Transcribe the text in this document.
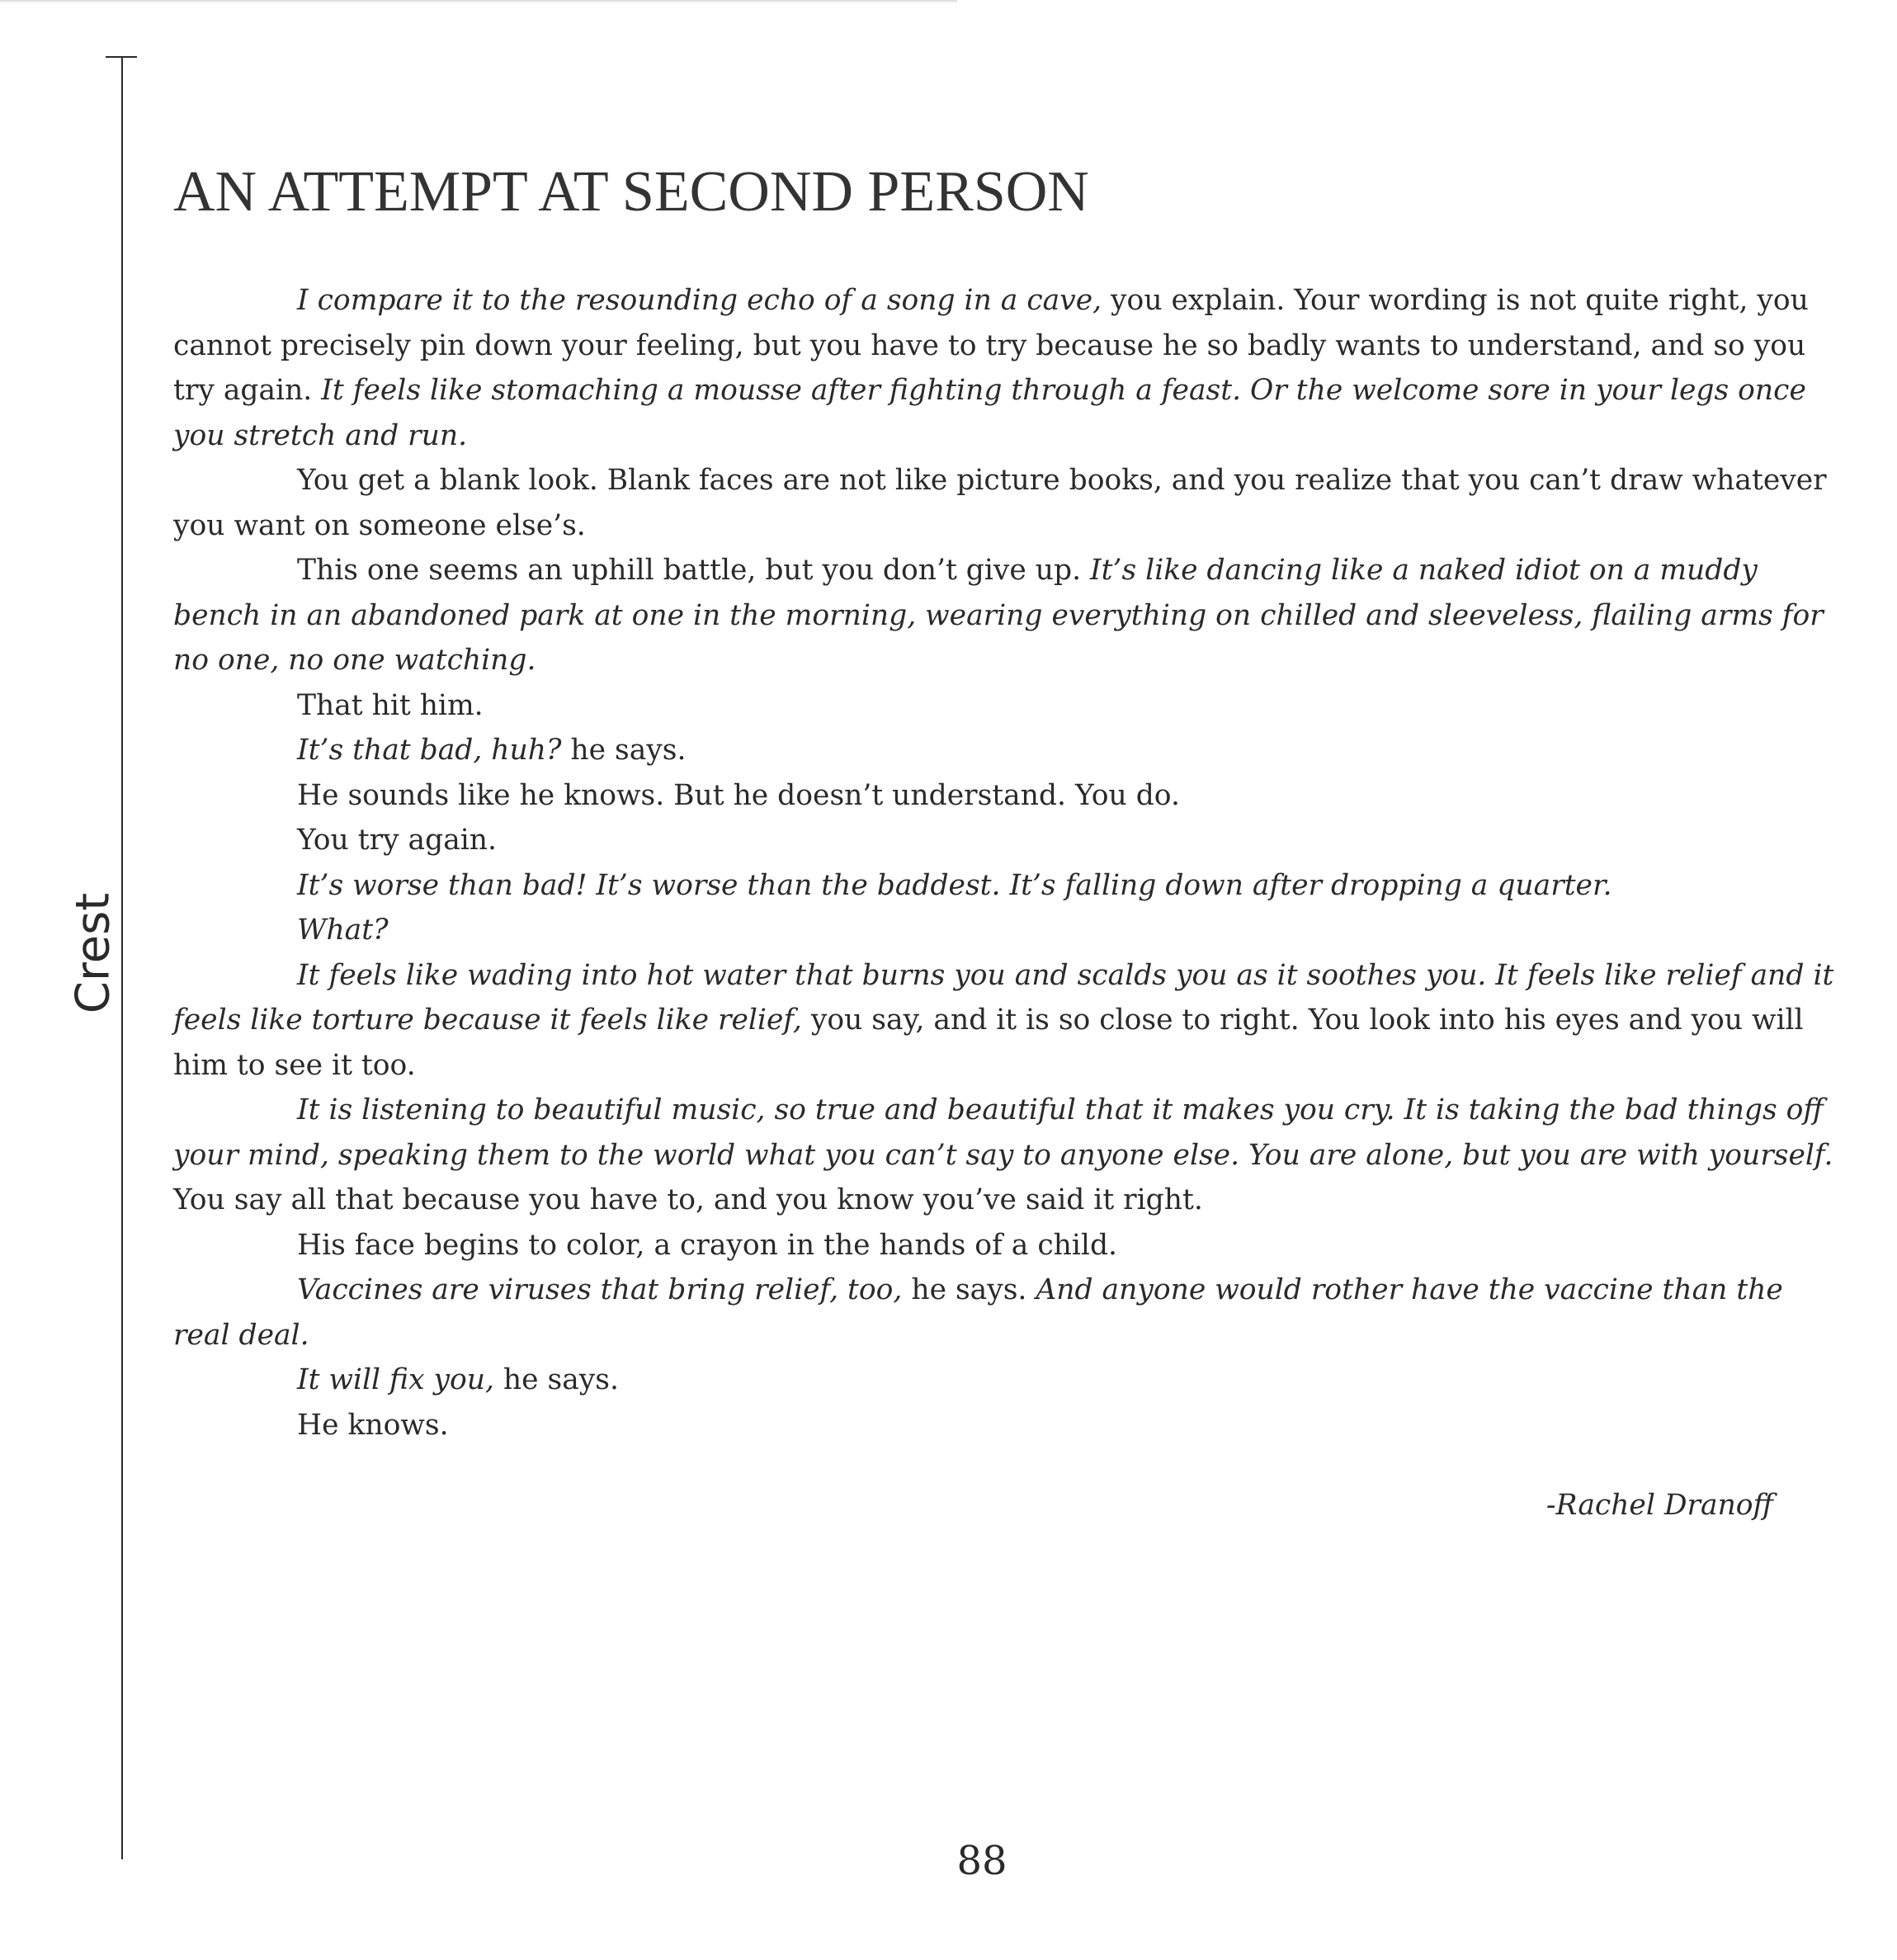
Crest
AN ATTEMPT AT SECOND PERSON

I compare it to the resounding echo of a song in a cave, you explain. Your wording is not quite right, you cannot precisely pin down your feeling, but you have to try because he so badly wants to understand, and so you try again. It feels like stomaching a mousse after fighting through a feast. Or the welcome sore in your legs once you stretch and run.

You get a blank look. Blank faces are not like picture books, and you realize that you can’t draw whatever you want on someone else’s.

This one seems an uphill battle, but you don’t give up. It’s like dancing like a naked idiot on a muddy bench in an abandoned park at one in the morning, wearing everything on chilled and sleeveless, flailing arms for no one, no one watching.

That hit him.

It’s that bad, huh? he says.

He sounds like he knows. But he doesn’t understand. You do.

You try again.

It’s worse than bad! It’s worse than the baddest. It’s falling down after dropping a quarter.

What?

It feels like wading into hot water that burns you and scalds you as it soothes you. It feels like relief and it feels like torture because it feels like relief, you say, and it is so close to right. You look into his eyes and you will him to see it too.

It is listening to beautiful music, so true and beautiful that it makes you cry. It is taking the bad things off your mind, speaking them to the world what you can’t say to anyone else. You are alone, but you are with yourself. You say all that because you have to, and you know you’ve said it right.

His face begins to color, a crayon in the hands of a child.

Vaccines are viruses that bring relief, too, he says. And anyone would rother have the vaccine than the real deal.

It will fix you, he says.

He knows.

-Rachel Dranoff
88
